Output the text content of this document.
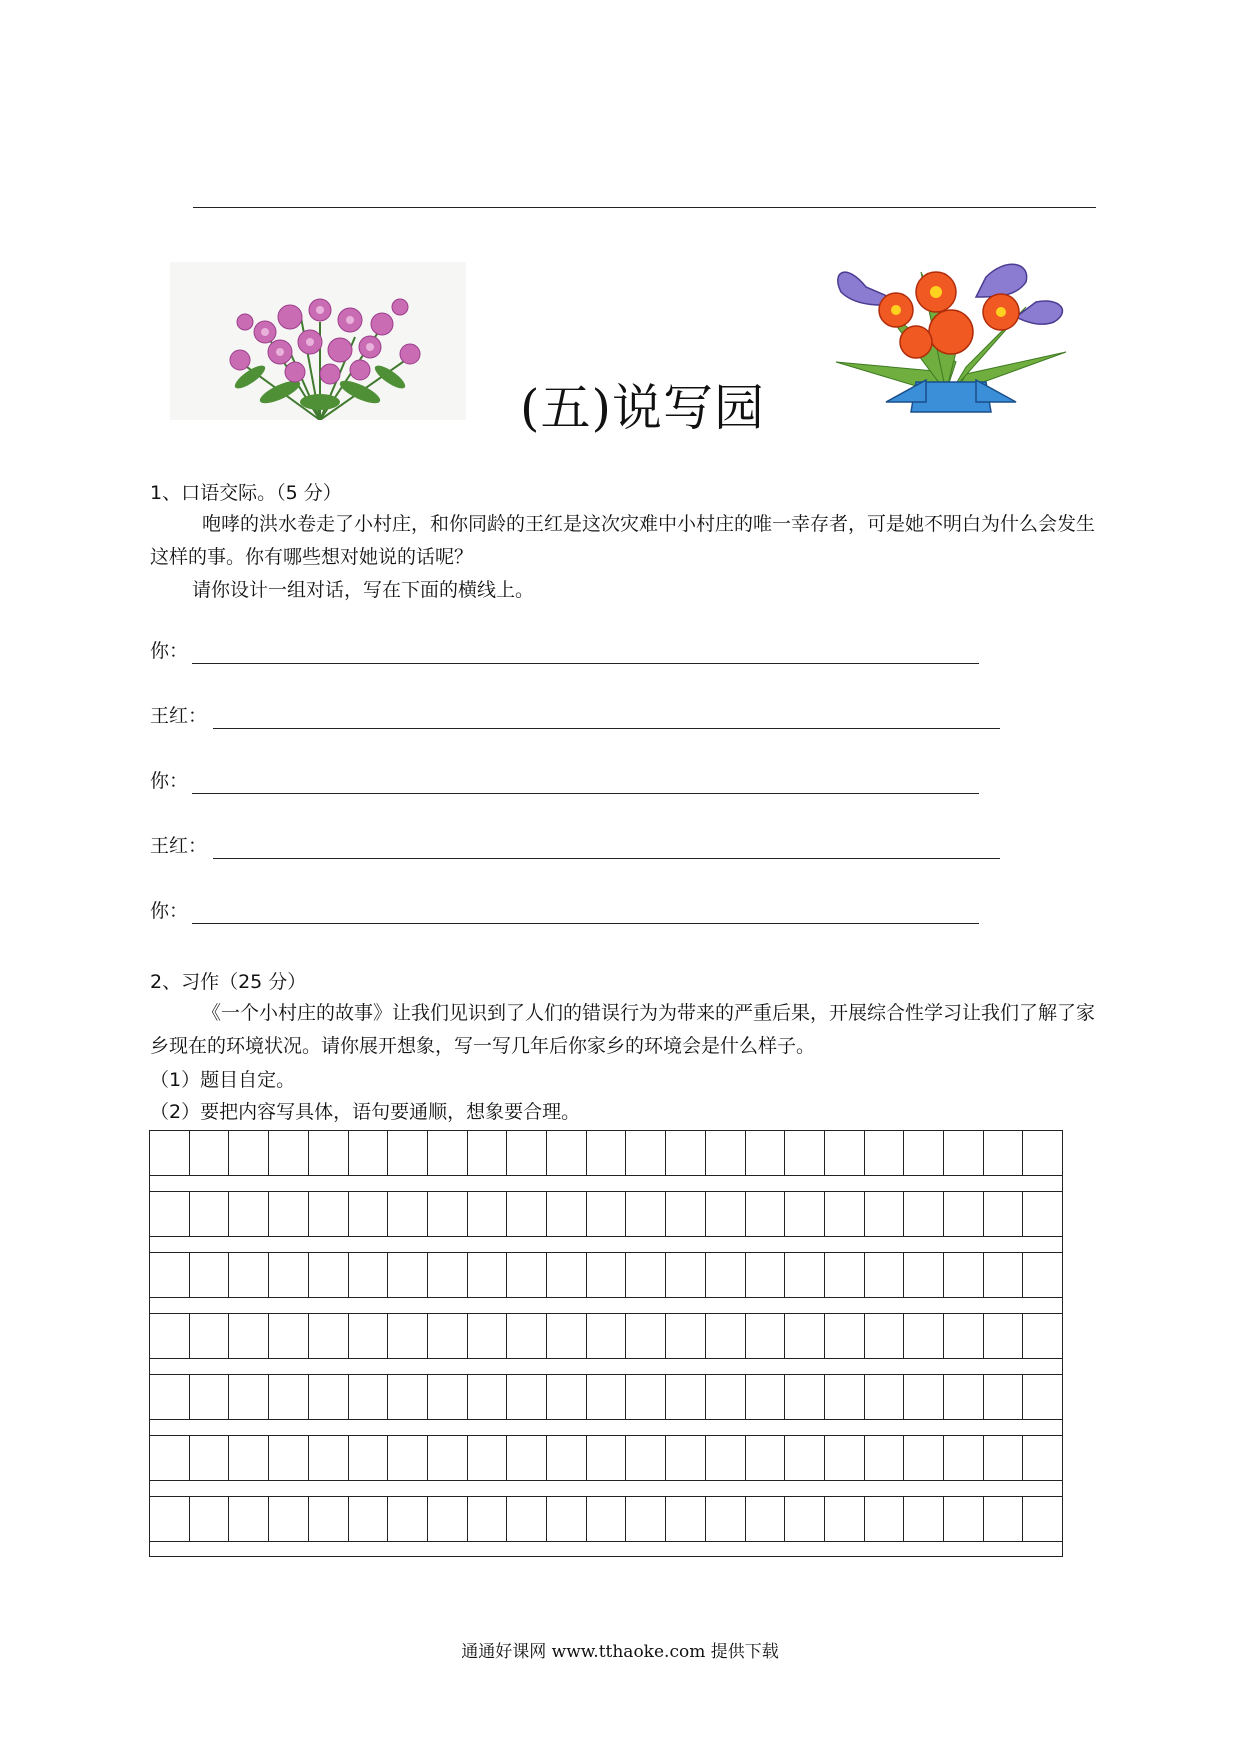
(五)说写园
1、口语交际。（5 分）
咆哮的洪水卷走了小村庄，和你同龄的王红是这次灾难中小村庄的唯一幸存者，可是她不明白为什么会发生这样的事。你有哪些想对她说的话呢？
请你设计一组对话，写在下面的横线上。
你：
王红：
你：
王红：
你：
2、习作（25 分）
《一个小村庄的故事》让我们见识到了人们的错误行为为带来的严重后果，开展综合性学习让我们了解了家乡现在的环境状况。请你展开想象，写一写几年后你家乡的环境会是什么样子。
（1）题目自定。
（2）要把内容写具体，语句要通顺，想象要合理。
通通好课网 www.tthaoke.com 提供下载
